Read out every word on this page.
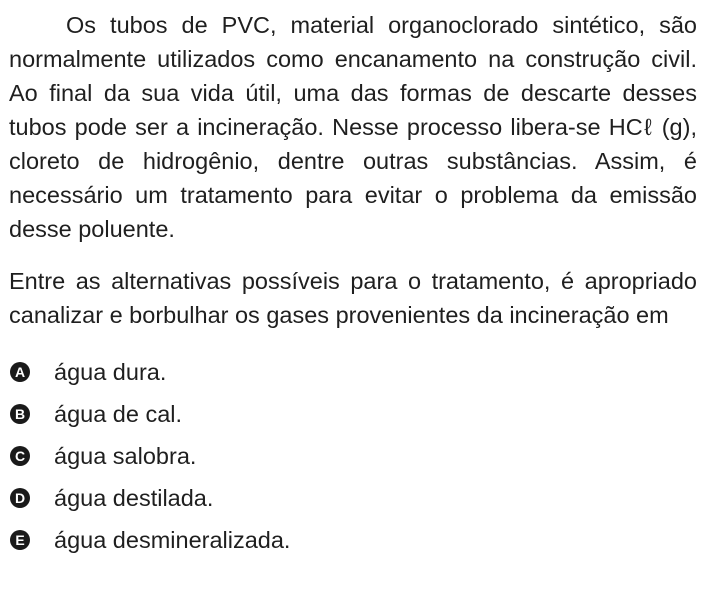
Os tubos de PVC, material organoclorado sintético, são normalmente utilizados como encanamento na construção civil. Ao final da sua vida útil, uma das formas de descarte desses tubos pode ser a incineração. Nesse processo libera-se HCℓ (g), cloreto de hidrogênio, dentre outras substâncias. Assim, é necessário um tratamento para evitar o problema da emissão desse poluente.

Entre as alternativas possíveis para o tratamento, é apropriado canalizar e borbulhar os gases provenientes da incineração em

A água dura.
B água de cal.
C água salobra.
D água destilada.
E água desmineralizada.
